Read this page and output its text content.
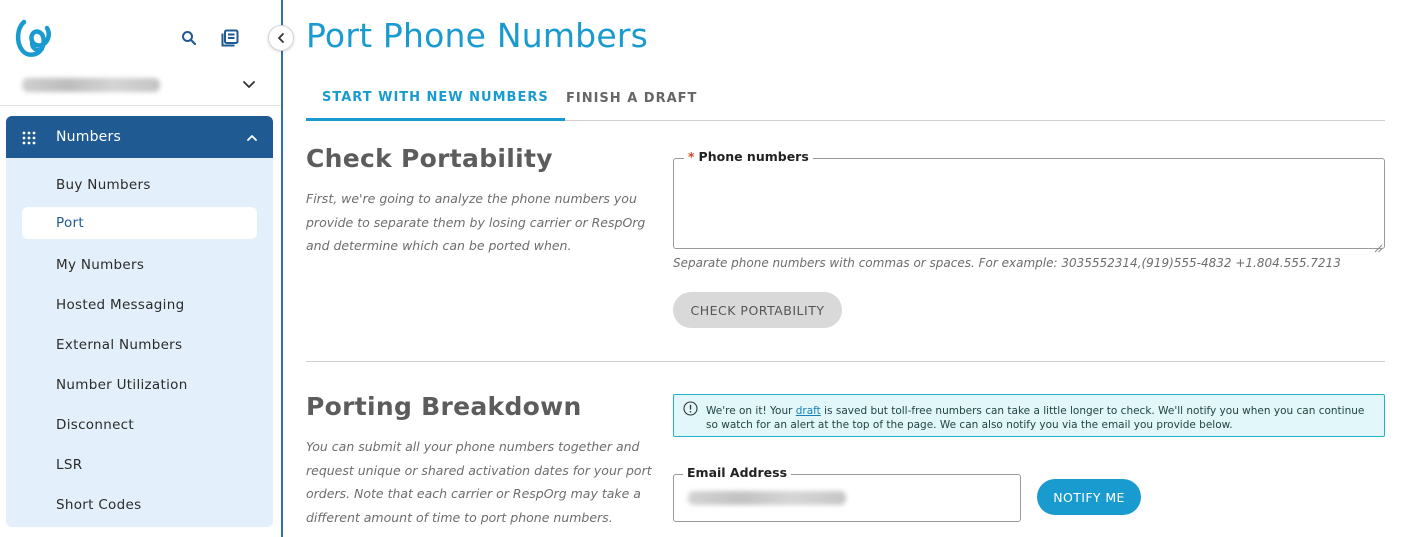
Numbers
Buy Numbers
Port
My Numbers
Hosted Messaging
External Numbers
Number Utilization
Disconnect
LSR
Short Codes
Port Phone Numbers
START WITH NEW NUMBERS FINISH A DRAFT
Check Portability

First, we're going to analyze the phone numbers you provide to separate them by losing carrier or RespOrg and determine which can be ported when.

* Phone numbers

Separate phone numbers with commas or spaces. For example: 3035552314,(919)555-4832 +1.804.555.7213

CHECK PORTABILITY
Porting Breakdown

You can submit all your phone numbers together and request unique or shared activation dates for your port orders. Note that each carrier or RespOrg may take a different amount of time to port phone numbers.

We're on it! Your draft is saved but toll-free numbers can take a little longer to check. We'll notify you when you can continue so watch for an alert at the top of the page. We can also notify you via the email you provide below.
Email Address
NOTIFY ME
